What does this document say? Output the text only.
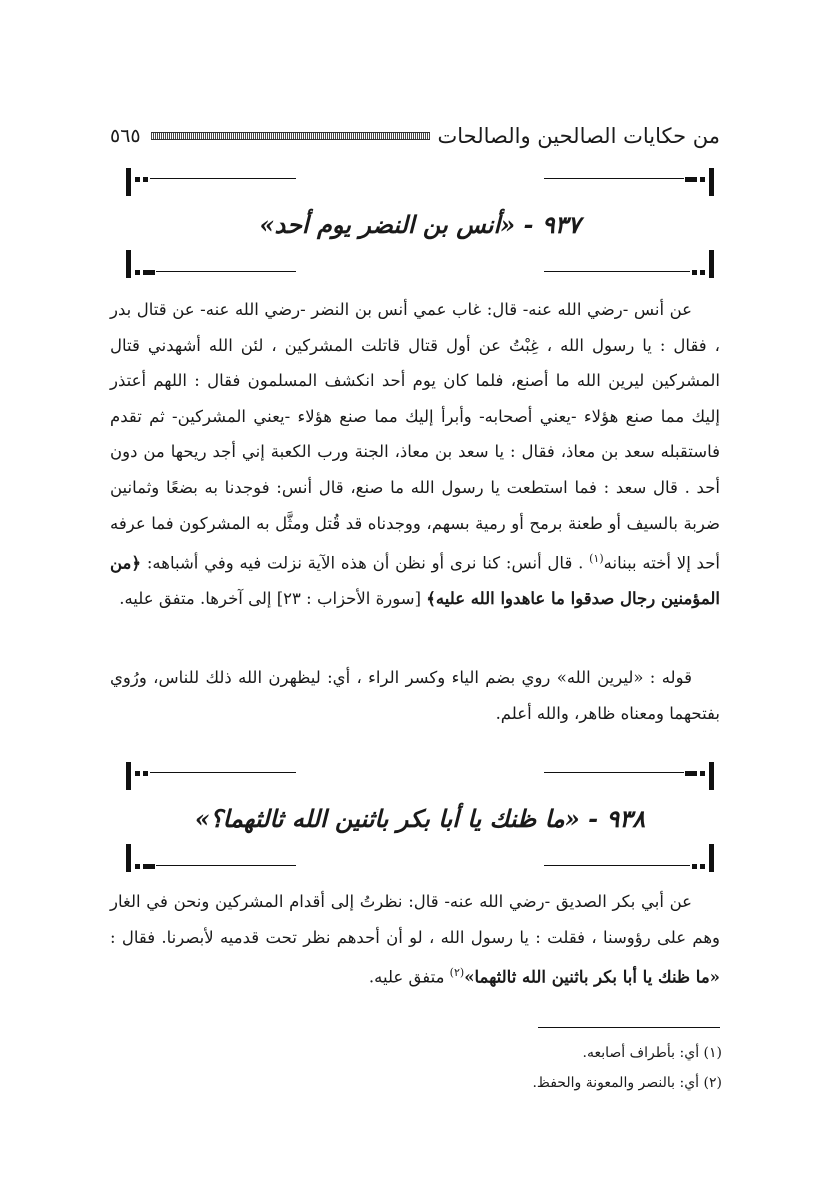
من حكايات الصالحين والصالحات
٥٦٥
٩٣٧ - «أنس بن النضر يوم أحد»

عن أنس -رضي الله عنه- قال: غاب عمي أنس بن النضر -رضي الله عنه- عن قتال بدر ، فقال : يا رسول الله ، غِبْتُ عن أول قتال قاتلت المشركين ، لئن الله أشهدني قتال المشركين ليرين الله ما أصنع، فلما كان يوم أحد انكشف المسلمون فقال : اللهم أعتذر إليك مما صنع هؤلاء -يعني أصحابه- وأبرأ إليك مما صنع هؤلاء -يعني المشركين- ثم تقدم فاستقبله سعد بن معاذ، فقال : يا سعد بن معاذ، الجنة ورب الكعبة إني أجد ريحها من دون أحد . قال سعد : فما استطعت يا رسول الله ما صنع، قال أنس: فوجدنا به بضعًا وثمانين ضربة بالسيف أو طعنة برمح أو رمية بسهم، ووجدناه قد قُتل ومثَّل به المشركون فما عرفه أحد إلا أخته ببنانه$^{(١)}$ . قال أنس: كنا نرى أو نظن أن هذه الآية نزلت فيه وفي أشباهه: ﴿من المؤمنين رجال صدقوا ما عاهدوا الله عليه﴾ [سورة الأحزاب : ٢٣] إلى آخرها. متفق عليه.

قوله : «ليرين الله» روي بضم الياء وكسر الراء ، أي: ليظهرن الله ذلك للناس، ورُوي بفتحهما ومعناه ظاهر، والله أعلم.

٩٣٨ - «ما ظنك يا أبا بكر باثنين الله ثالثهما؟»

عن أبي بكر الصديق -رضي الله عنه- قال: نظرتُ إلى أقدام المشركين ونحن في الغار وهم على رؤوسنا ، فقلت : يا رسول الله ، لو أن أحدهم نظر تحت قدميه لأبصرنا. فقال : «ما ظنك يا أبا بكر باثنين الله ثالثهما»$^{(٢)}$ متفق عليه.

(١) أي: بأطراف أصابعه.
(٢) أي: بالنصر والمعونة والحفظ.
